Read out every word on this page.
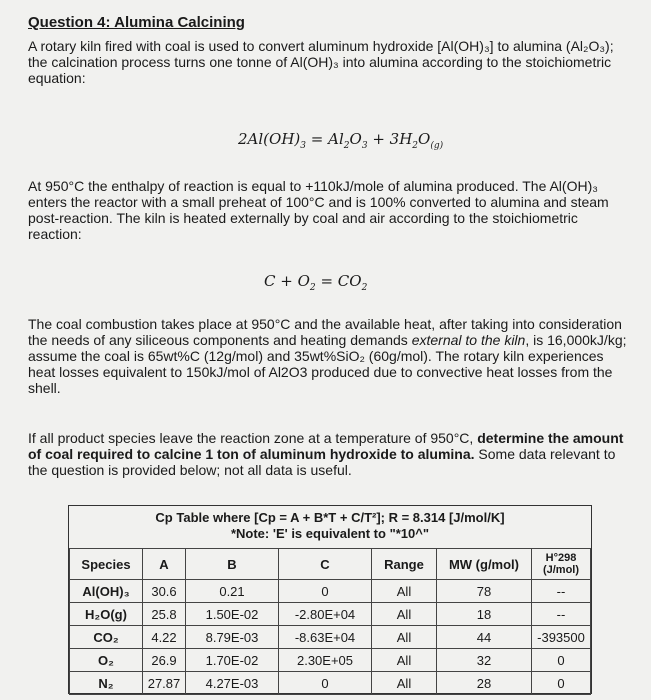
Question 4: Alumina Calcining

A rotary kiln fired with coal is used to convert aluminum hydroxide [Al(OH)₃] to alumina (Al₂O₃); the calcination process turns one tonne of Al(OH)₃ into alumina according to the stoichiometric equation:

$2Al(OH)_3 = Al_2O_3 + 3H_2O_{(g)}$

At 950°C the enthalpy of reaction is equal to +110kJ/mole of alumina produced. The Al(OH)₃ enters the reactor with a small preheat of 100°C and is 100% converted to alumina and steam post-reaction. The kiln is heated externally by coal and air according to the stoichiometric reaction:

$C + O_2 = CO_2$

The coal combustion takes place at 950°C and the available heat, after taking into consideration the needs of any siliceous components and heating demands external to the kiln, is 16,000kJ/kg; assume the coal is 65wt%C (12g/mol) and 35wt%SiO₂ (60g/mol). The rotary kiln experiences heat losses equivalent to 150kJ/mol of Al2O3 produced due to convective heat losses from the shell.

If all product species leave the reaction zone at a temperature of 950°C, determine the amount of coal required to calcine 1 ton of aluminum hydroxide to alumina. Some data relevant to the question is provided below; not all data is useful.

Cp Table where [Cp = A + B*T + C/T²]; R = 8.314 [J/mol/K]
*Note: 'E' is equivalent to "*10^"
Species	A	B	C	Range	MW (g/mol)	H°298 (J/mol)
Al(OH)₃	30.6	0.21	0	All	78	--
H₂O(g)	25.8	1.50E-02	-2.80E+04	All	18	--
CO₂	4.22	8.79E-03	-8.63E+04	All	44	-393500
O₂	26.9	1.70E-02	2.30E+05	All	32	0
N₂	27.87	4.27E-03	0	All	28	0
